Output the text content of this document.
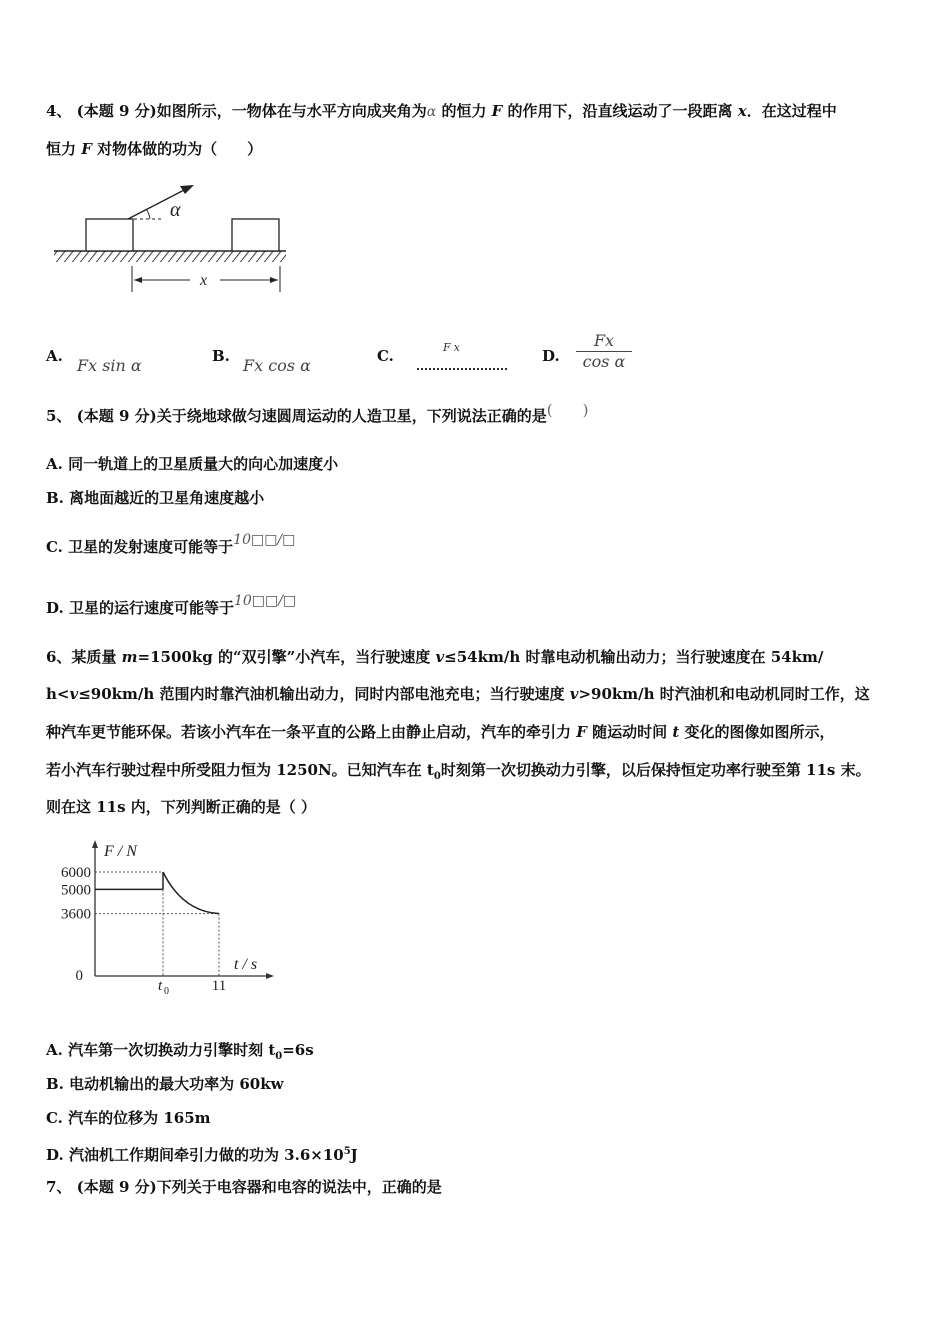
4、 (本题 9 分)如图所示，一物体在与水平方向成夹角为α 的恒力 F 的作用下，沿直线运动了一段距离 x．在这过程中
恒力 F 对物体做的功为（　　）
α
x
A. Fx sin α	B. Fx cos α	C.	Fx	D.
Fx
cos α
5、 (本题 9 分)关于绕地球做匀速圆周运动的人造卫星，下列说法正确的是(　　)
A. 同一轨道上的卫星质量大的向心加速度小
B. 离地面越近的卫星角速度越小
C. 卫星的发射速度可能等于10□□/□
D. 卫星的运行速度可能等于10□□/□
6、某质量 m=1500kg 的“双引擎”小汽车，当行驶速度 v≤54km/h 时靠电动机输出动力；当行驶速度在 54km/
h<v≤90km/h 范围内时靠汽油机输出动力，同时内部电池充电；当行驶速度 v>90km/h 时汽油机和电动机同时工作，这
种汽车更节能环保。若该小汽车在一条平直的公路上由静止启动，汽车的牵引力 F 随运动时间 t 变化的图像如图所示，
若小汽车行驶过程中所受阻力恒为 1250N。已知汽车在 $t_0$时刻第一次切换动力引擎，以后保持恒定功率行驶至第 11s 末。
则在这 11s 内，下列判断正确的是（ ）
F / N
t / s
6000
5000
3600
0
t 0	11
A. 汽车第一次切换动力引擎时刻 $t_0=6s$
B. 电动机输出的最大功率为 60kw
C. 汽车的位移为 165m
D. 汽油机工作期间牵引力做的功为 $3.6\times 10^5J$
7、 (本题 9 分)下列关于电容器和电容的说法中，正确的是
